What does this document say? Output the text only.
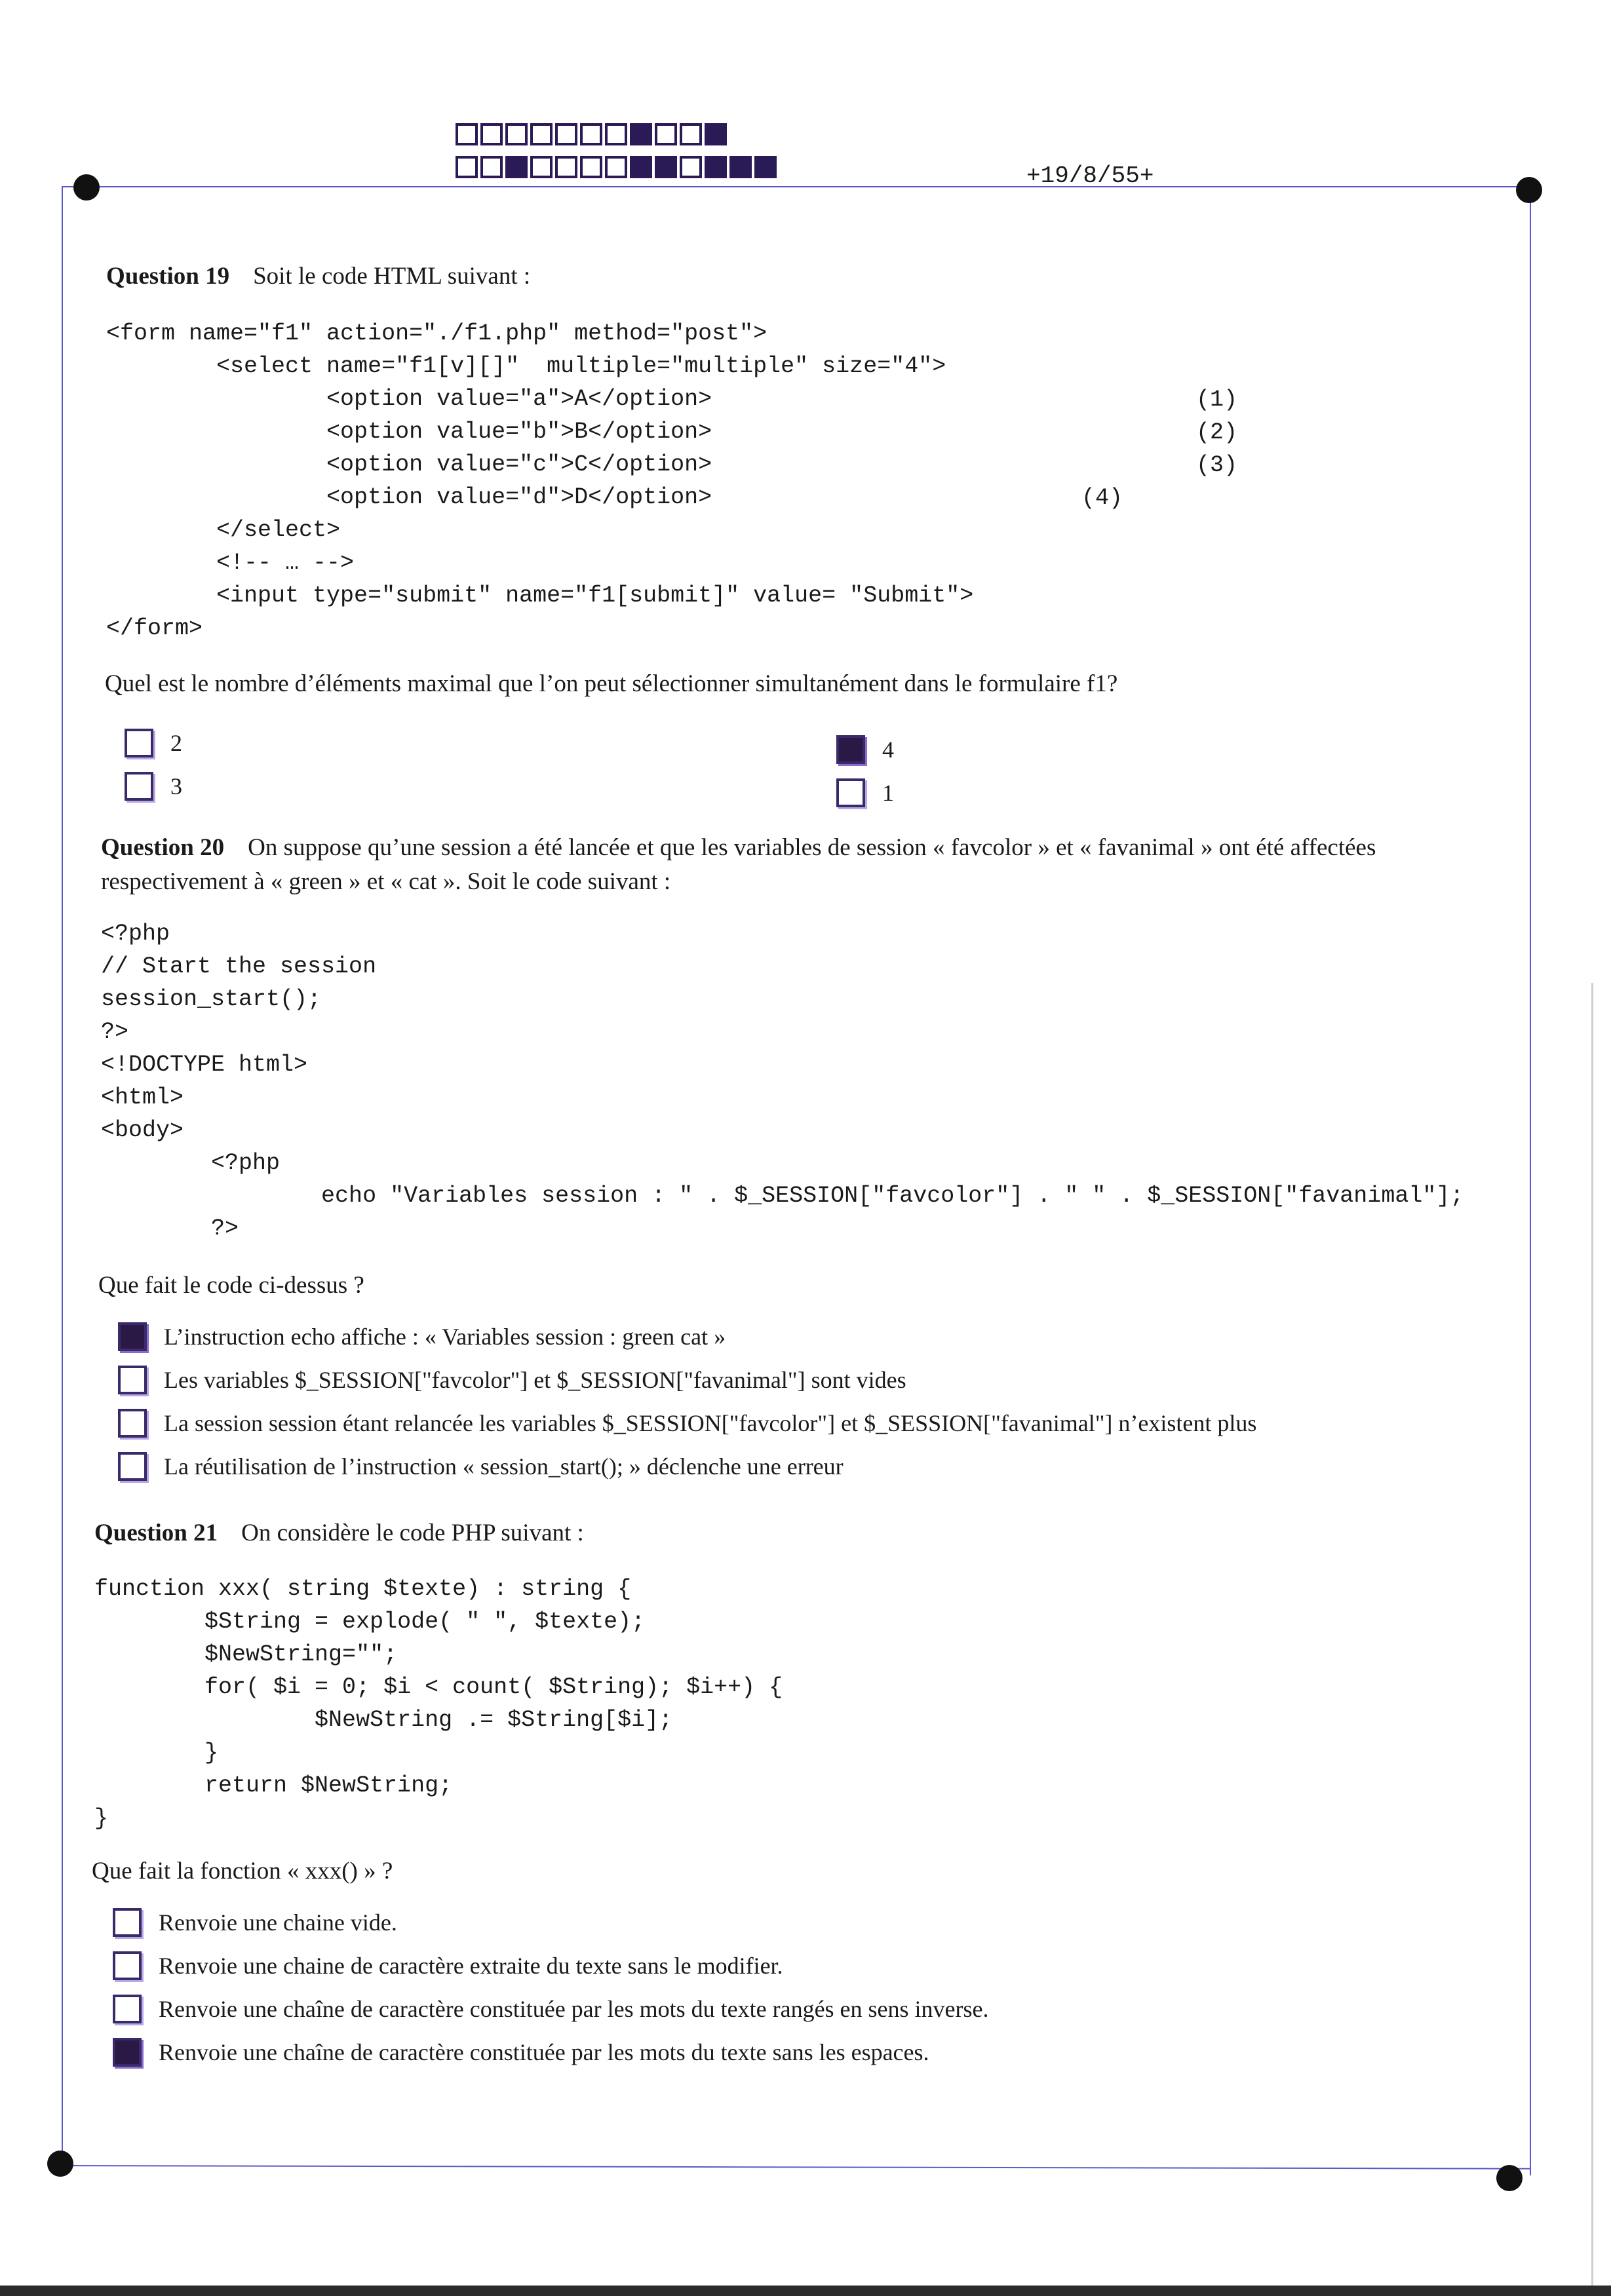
+19/8/55+
Question 19 Soit le code HTML suivant :
<form name="f1" action="./f1.php" method="post">
<select name="f1[v][]"  multiple="multiple" size="4">
<option value="a">A</option>
<option value="b">B</option>
<option value="c">C</option>
<option value="d">D</option>
</select>
<!-- … -->
<input type="submit" name="f1[submit]" value= "Submit">
</form>
(1)
(2)
(3)
(4)
Quel est le nombre d’éléments maximal que l’on peut sélectionner simultanément dans le formulaire f1?
2
3
4
1
Question 20 On suppose qu’une session a été lancée et que les variables de session « favcolor » et « favanimal » ont été affectées respectivement à « green » et « cat ». Soit le code suivant :
<?php
// Start the session
session_start();
?>
<!DOCTYPE html>
<html>
<body>
<?php
echo "Variables session : " . $_SESSION["favcolor"] . " " . $_SESSION["favanimal"];
?>
Que fait le code ci-dessus ?
L’instruction echo affiche : « Variables session : green cat »
Les variables $_SESSION["favcolor"] et $_SESSION["favanimal"] sont vides
La session session étant relancée les variables $_SESSION["favcolor"] et $_SESSION["favanimal"] n’existent plus
La réutilisation de l’instruction « session_start(); » déclenche une erreur
Question 21 On considère le code PHP suivant :
function xxx( string $texte) : string {
$String = explode( " ", $texte);
$NewString="";
for( $i = 0; $i < count( $String); $i++) {
$NewString .= $String[$i];
}
return $NewString;
}
Que fait la fonction « xxx() » ?
Renvoie une chaine vide.
Renvoie une chaine de caractère extraite du texte sans le modifier.
Renvoie une chaîne de caractère constituée par les mots du texte rangés en sens inverse.
Renvoie une chaîne de caractère constituée par les mots du texte sans les espaces.
